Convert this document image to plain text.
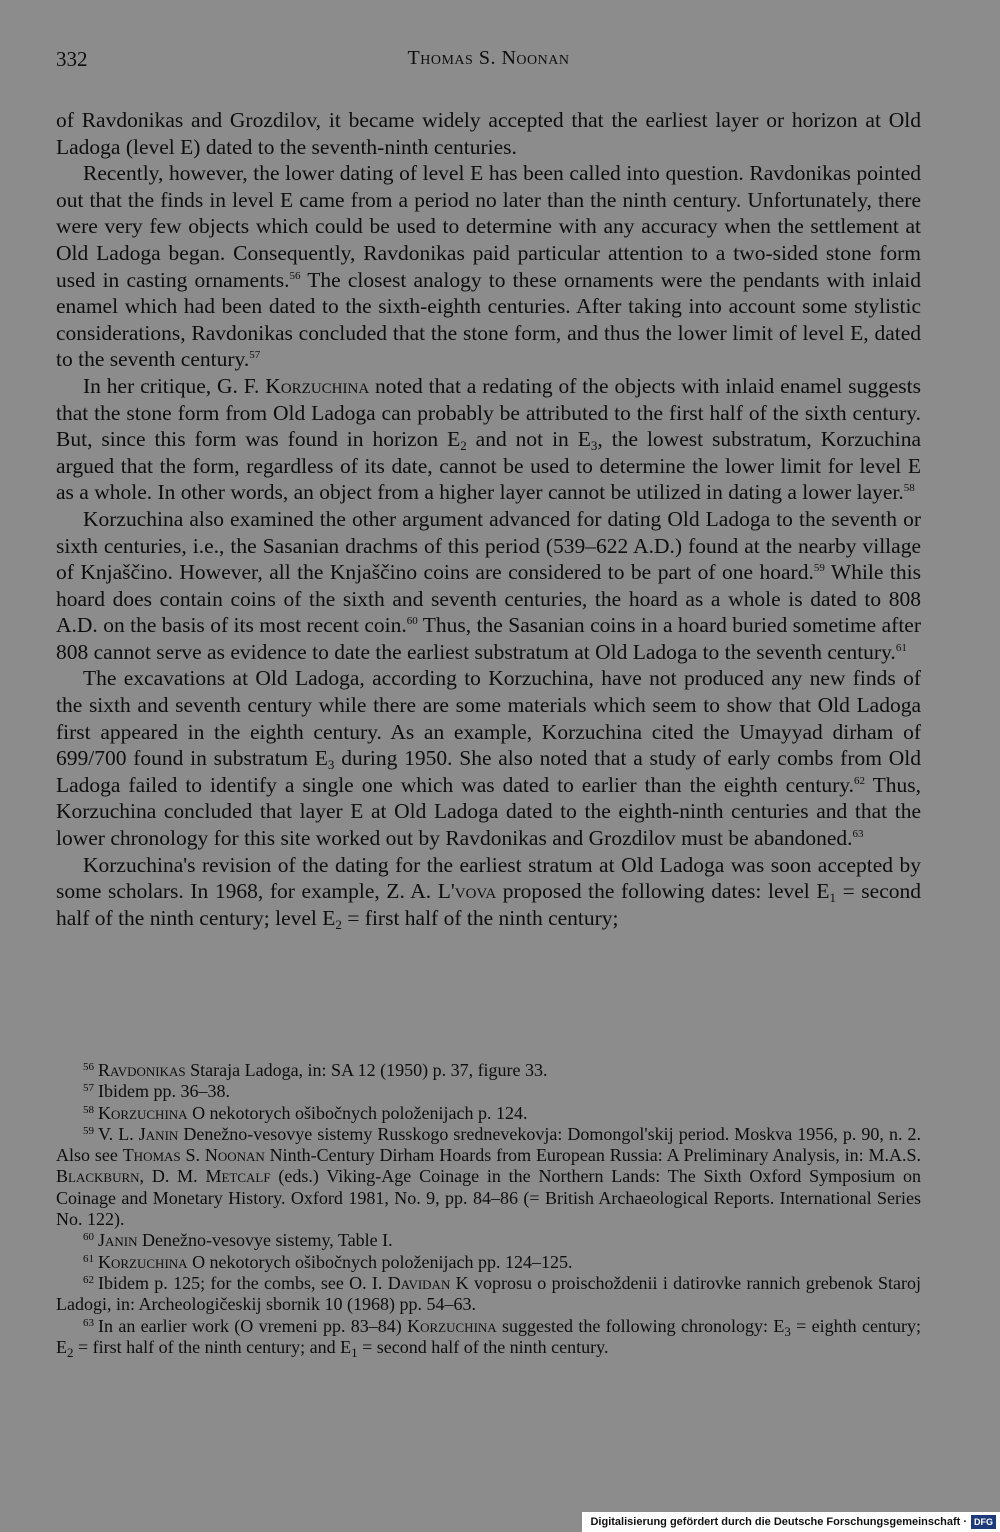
332	Thomas S. Noonan

of Ravdonikas and Grozdilov, it became widely accepted that the earliest layer or horizon at Old Ladoga (level E) dated to the seventh-ninth centuries.

Recently, however, the lower dating of level E has been called into question. Ravdonikas pointed out that the finds in level E came from a period no later than the ninth century. Unfortunately, there were very few objects which could be used to determine with any accuracy when the settlement at Old Ladoga began. Consequently, Ravdonikas paid particular attention to a two-sided stone form used in casting ornaments.$^{56}$ The closest analogy to these ornaments were the pendants with inlaid enamel which had been dated to the sixth-eighth centuries. After taking into account some stylistic considerations, Ravdonikas concluded that the stone form, and thus the lower limit of level E, dated to the seventh century.$^{57}$

In her critique, G. F. Korzuchina noted that a redating of the objects with inlaid enamel suggests that the stone form from Old Ladoga can probably be attributed to the first half of the sixth century. But, since this form was found in horizon $E_2$ and not in $E_3$, the lowest substratum, Korzuchina argued that the form, regardless of its date, cannot be used to determine the lower limit for level E as a whole. In other words, an object from a higher layer cannot be utilized in dating a lower layer.$^{58}$

Korzuchina also examined the other argument advanced for dating Old Ladoga to the seventh or sixth centuries, i.e., the Sasanian drachms of this period (539–622 A.D.) found at the nearby village of Knjaščino. However, all the Knjaščino coins are considered to be part of one hoard.$^{59}$ While this hoard does contain coins of the sixth and seventh centuries, the hoard as a whole is dated to 808 A.D. on the basis of its most recent coin.$^{60}$ Thus, the Sasanian coins in a hoard buried sometime after 808 cannot serve as evidence to date the earliest substratum at Old Ladoga to the seventh century.$^{61}$

The excavations at Old Ladoga, according to Korzuchina, have not produced any new finds of the sixth and seventh century while there are some materials which seem to show that Old Ladoga first appeared in the eighth century. As an example, Korzuchina cited the Umayyad dirham of 699/700 found in substratum $E_3$ during 1950. She also noted that a study of early combs from Old Ladoga failed to identify a single one which was dated to earlier than the eighth century.$^{62}$ Thus, Korzuchina concluded that layer E at Old Ladoga dated to the eighth-ninth centuries and that the lower chronology for this site worked out by Ravdonikas and Grozdilov must be abandoned.$^{63}$

Korzuchina's revision of the dating for the earliest stratum at Old Ladoga was soon accepted by some scholars. In 1968, for example, Z. A. L'vova proposed the following dates: level $E_1$ = second half of the ninth century; level $E_2$ = first half of the ninth century;

$^{56}$ Ravdonikas Staraja Ladoga, in: SA 12 (1950) p. 37, figure 33.

$^{57}$ Ibidem pp. 36–38.

$^{58}$ Korzuchina O nekotorych ošibočnych položenijach p. 124.

$^{59}$ V. L. Janin Denežno-vesovye sistemy Russkogo srednevekovja: Domongol'skij period. Moskva 1956, p. 90, n. 2. Also see Thomas S. Noonan Ninth-Century Dirham Hoards from European Russia: A Preliminary Analysis, in: M.A.S. Blackburn, D. M. Metcalf (eds.) Viking-Age Coinage in the Northern Lands: The Sixth Oxford Symposium on Coinage and Monetary History. Oxford 1981, No. 9, pp. 84–86 (= British Archaeological Reports. International Series No. 122).

$^{60}$ Janin Denežno-vesovye sistemy, Table I.

$^{61}$ Korzuchina O nekotorych ošibočnych položenijach pp. 124–125.

$^{62}$ Ibidem p. 125; for the combs, see O. I. Davidan K voprosu o proischoždenii i datirovke rannich grebenok Staroj Ladogi, in: Archeologičeskij sbornik 10 (1968) pp. 54–63.

$^{63}$ In an earlier work (O vremeni pp. 83–84) Korzuchina suggested the following chronology: $E_3$ = eighth century; $E_2$ = first half of the ninth century; and $E_1$ = second half of the ninth century.

Digitalisierung gefördert durch die Deutsche Forschungsgemeinschaft · DFG
